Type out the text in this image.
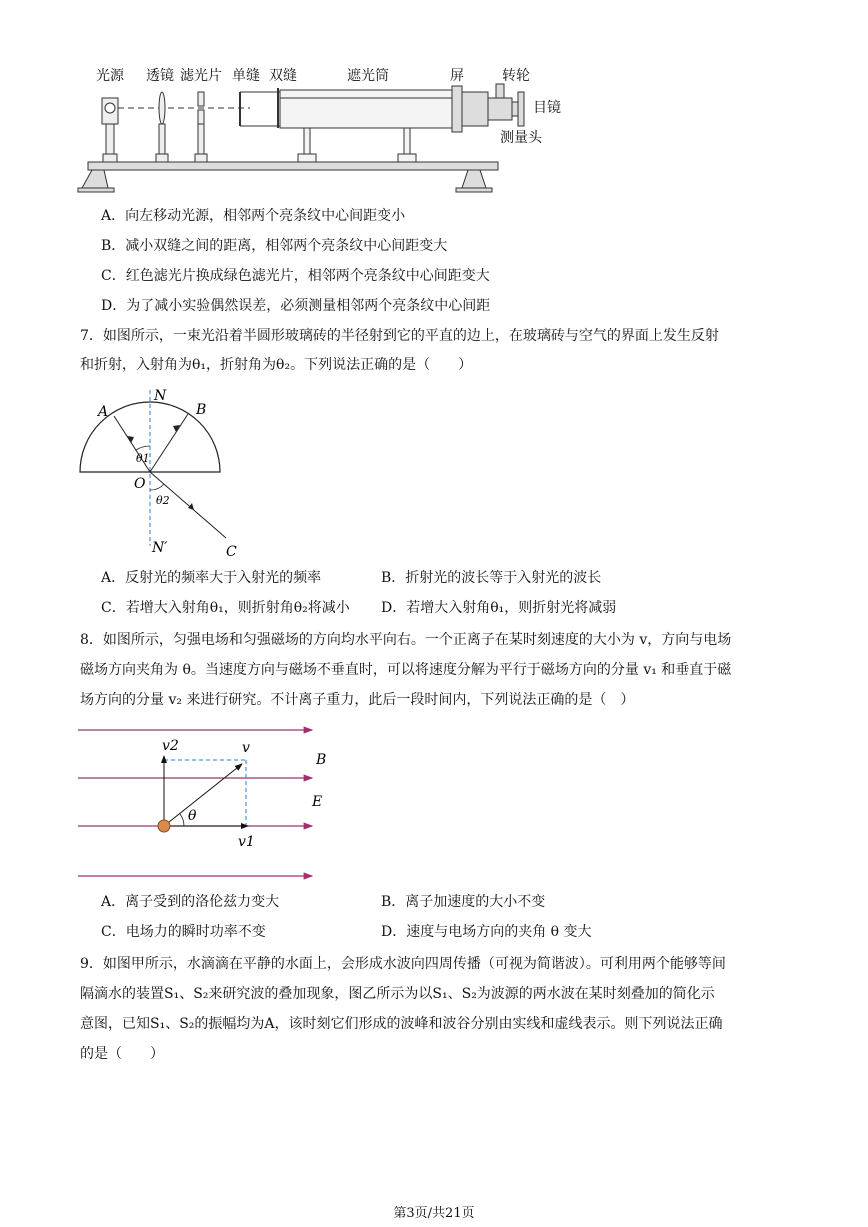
光源 透镜 滤光片 单缝 双缝	遮光筒	屏	转轮
目镜
测量头
A．向左移动光源，相邻两个亮条纹中心间距变小
B．减小双缝之间的距离，相邻两个亮条纹中心间距变大
C．红色滤光片换成绿色滤光片，相邻两个亮条纹中心间距变大
D．为了减小实验偶然误差，必须测量相邻两个亮条纹中心间距
7．如图所示，一束光沿着半圆形玻璃砖的半径射到它的平直的边上，在玻璃砖与空气的界面上发生反射
和折射，入射角为θ₁，折射角为θ₂。下列说法正确的是（　　）
A	B
N
O
N′	C
θ1
θ2
A．反射光的频率大于入射光的频率	B．折射光的波长等于入射光的波长
C．若增大入射角θ₁，则折射角θ₂将减小 D．若增大入射角θ₁，则折射光将减弱
8．如图所示，匀强电场和匀强磁场的方向均水平向右。一个正离子在某时刻速度的大小为 v，方向与电场
磁场方向夹角为 θ。当速度方向与磁场不垂直时，可以将速度分解为平行于磁场方向的分量 v₁ 和垂直于磁
场方向的分量 v₂ 来进行研究。不计离子重力，此后一段时间内，下列说法正确的是（　）
v2	v
v1
B
E
θ
A．离子受到的洛伦兹力变大	B．离子加速度的大小不变
C．电场力的瞬时功率不变	D．速度与电场方向的夹角 θ 变大
9．如图甲所示，水滴滴在平静的水面上，会形成水波向四周传播（可视为简谐波）。可利用两个能够等间
隔滴水的装置S₁、S₂来研究波的叠加现象，图乙所示为以S₁、S₂为波源的两水波在某时刻叠加的简化示
意图，已知S₁、S₂的振幅均为A，该时刻它们形成的波峰和波谷分别由实线和虚线表示。则下列说法正确
的是（　　）
第3页/共21页
